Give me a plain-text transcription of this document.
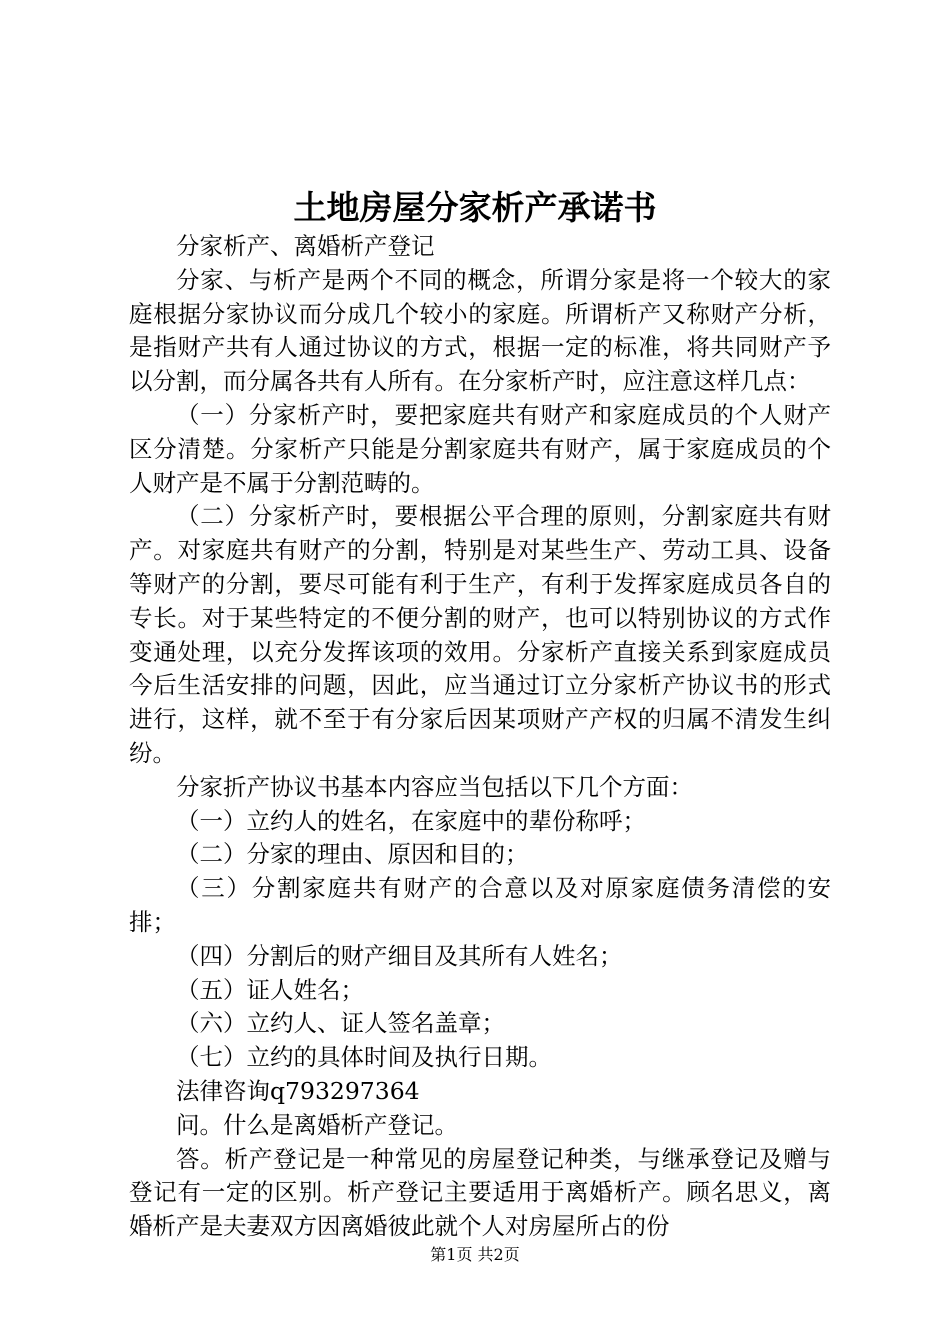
土地房屋分家析产承诺书

分家析产、离婚析产登记

分家、与析产是两个不同的概念，所谓分家是将一个较大的家庭根据分家协议而分成几个较小的家庭。所谓析产又称财产分析，是指财产共有人通过协议的方式，根据一定的标准，将共同财产予以分割，而分属各共有人所有。在分家析产时，应注意这样几点：

（一）分家析产时，要把家庭共有财产和家庭成员的个人财产区分清楚。分家析产只能是分割家庭共有财产，属于家庭成员的个人财产是不属于分割范畴的。

（二）分家析产时，要根据公平合理的原则，分割家庭共有财产。对家庭共有财产的分割，特别是对某些生产、劳动工具、设备等财产的分割，要尽可能有利于生产，有利于发挥家庭成员各自的专长。对于某些特定的不便分割的财产，也可以特别协议的方式作变通处理，以充分发挥该项的效用。分家析产直接关系到家庭成员今后生活安排的问题，因此，应当通过订立分家析产协议书的形式进行，这样，就不至于有分家后因某项财产产权的归属不清发生纠纷。

分家折产协议书基本内容应当包括以下几个方面：

（一）立约人的姓名，在家庭中的辈份称呼；

（二）分家的理由、原因和目的；

（三）分割家庭共有财产的合意以及对原家庭债务清偿的安排；

（四）分割后的财产细目及其所有人姓名；

（五）证人姓名；

（六）立约人、证人签名盖章；

（七）立约的具体时间及执行日期。

法律咨询q793297364

问。什么是离婚析产登记。

答。析产登记是一种常见的房屋登记种类，与继承登记及赠与登记有一定的区别。析产登记主要适用于离婚析产。顾名思义，离婚析产是夫妻双方因离婚彼此就个人对房屋所占的份

第1页 共2页
